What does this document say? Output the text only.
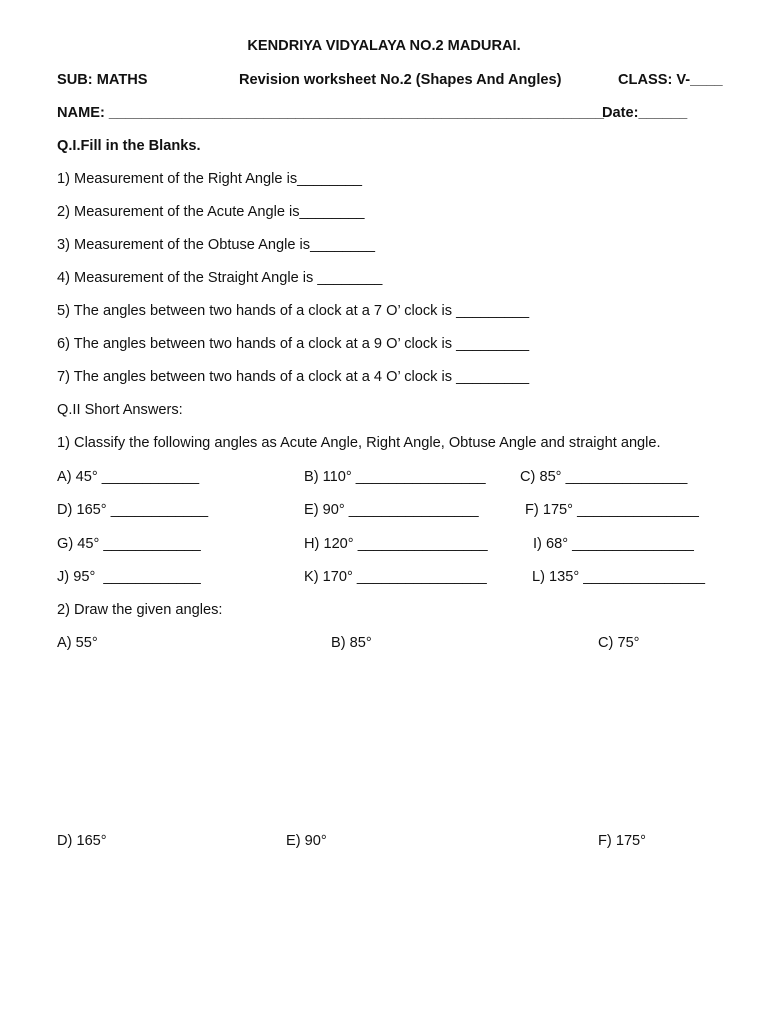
KENDRIYA VIDYALAYA NO.2 MADURAI.
SUB: MATHS	Revision worksheet No.2 (Shapes And Angles)	CLASS: V-____
NAME: _____________________________________________________________
Date:______
Q.I.Fill in the Blanks.
1) Measurement of the Right Angle is________
2) Measurement of the Acute Angle is________
3) Measurement of the Obtuse Angle is________
4) Measurement of the Straight Angle is ________
5) The angles between two hands of a clock at a 7 O’ clock is _________
6) The angles between two hands of a clock at a 9 O’ clock is _________
7) The angles between two hands of a clock at a 4 O’ clock is _________
Q.II Short Answers:
1) Classify the following angles as Acute Angle, Right Angle, Obtuse Angle and straight angle.
A) 45° ____________	B) 110° ________________ C) 85° _______________
D) 165° ____________	E) 90° ________________	F) 175° _______________
G) 45° ____________	H) 120° ________________	I) 68° _______________
J) 95°  ____________	K) 170° ________________	L) 135° _______________
2) Draw the given angles:
A) 55°	B) 85°	C) 75°
D) 165°	E) 90°	F) 175°
